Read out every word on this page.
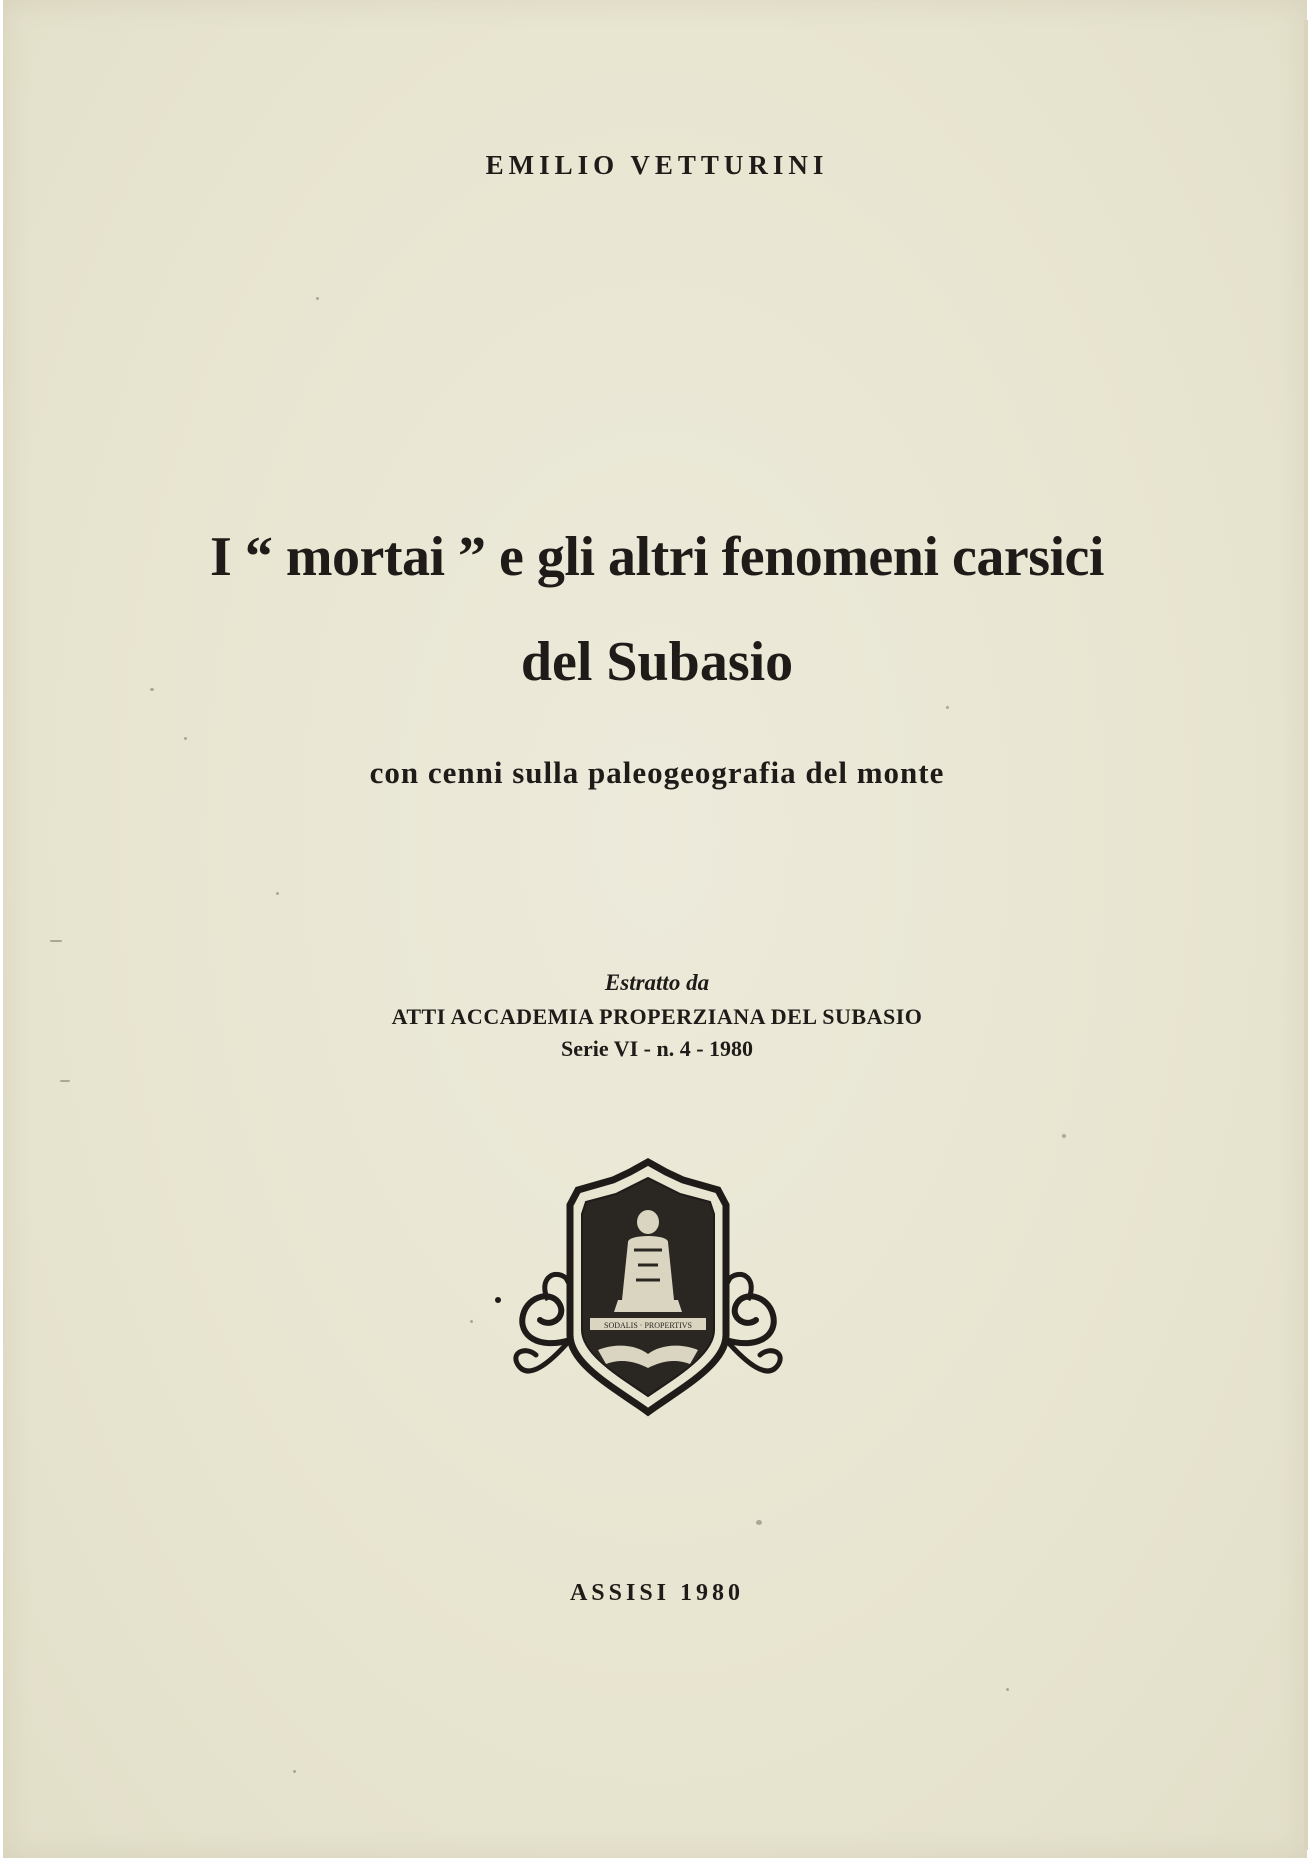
EMILIO VETTURINI
I “ mortai ” e gli altri fenomeni carsici
del Subasio
con cenni sulla paleogeografia del monte
Estratto da
ATTI ACCADEMIA PROPERZIANA DEL SUBASIO
Serie VI - n. 4 - 1980
SODALIS · PROPERTIVS
ASSISI 1980
